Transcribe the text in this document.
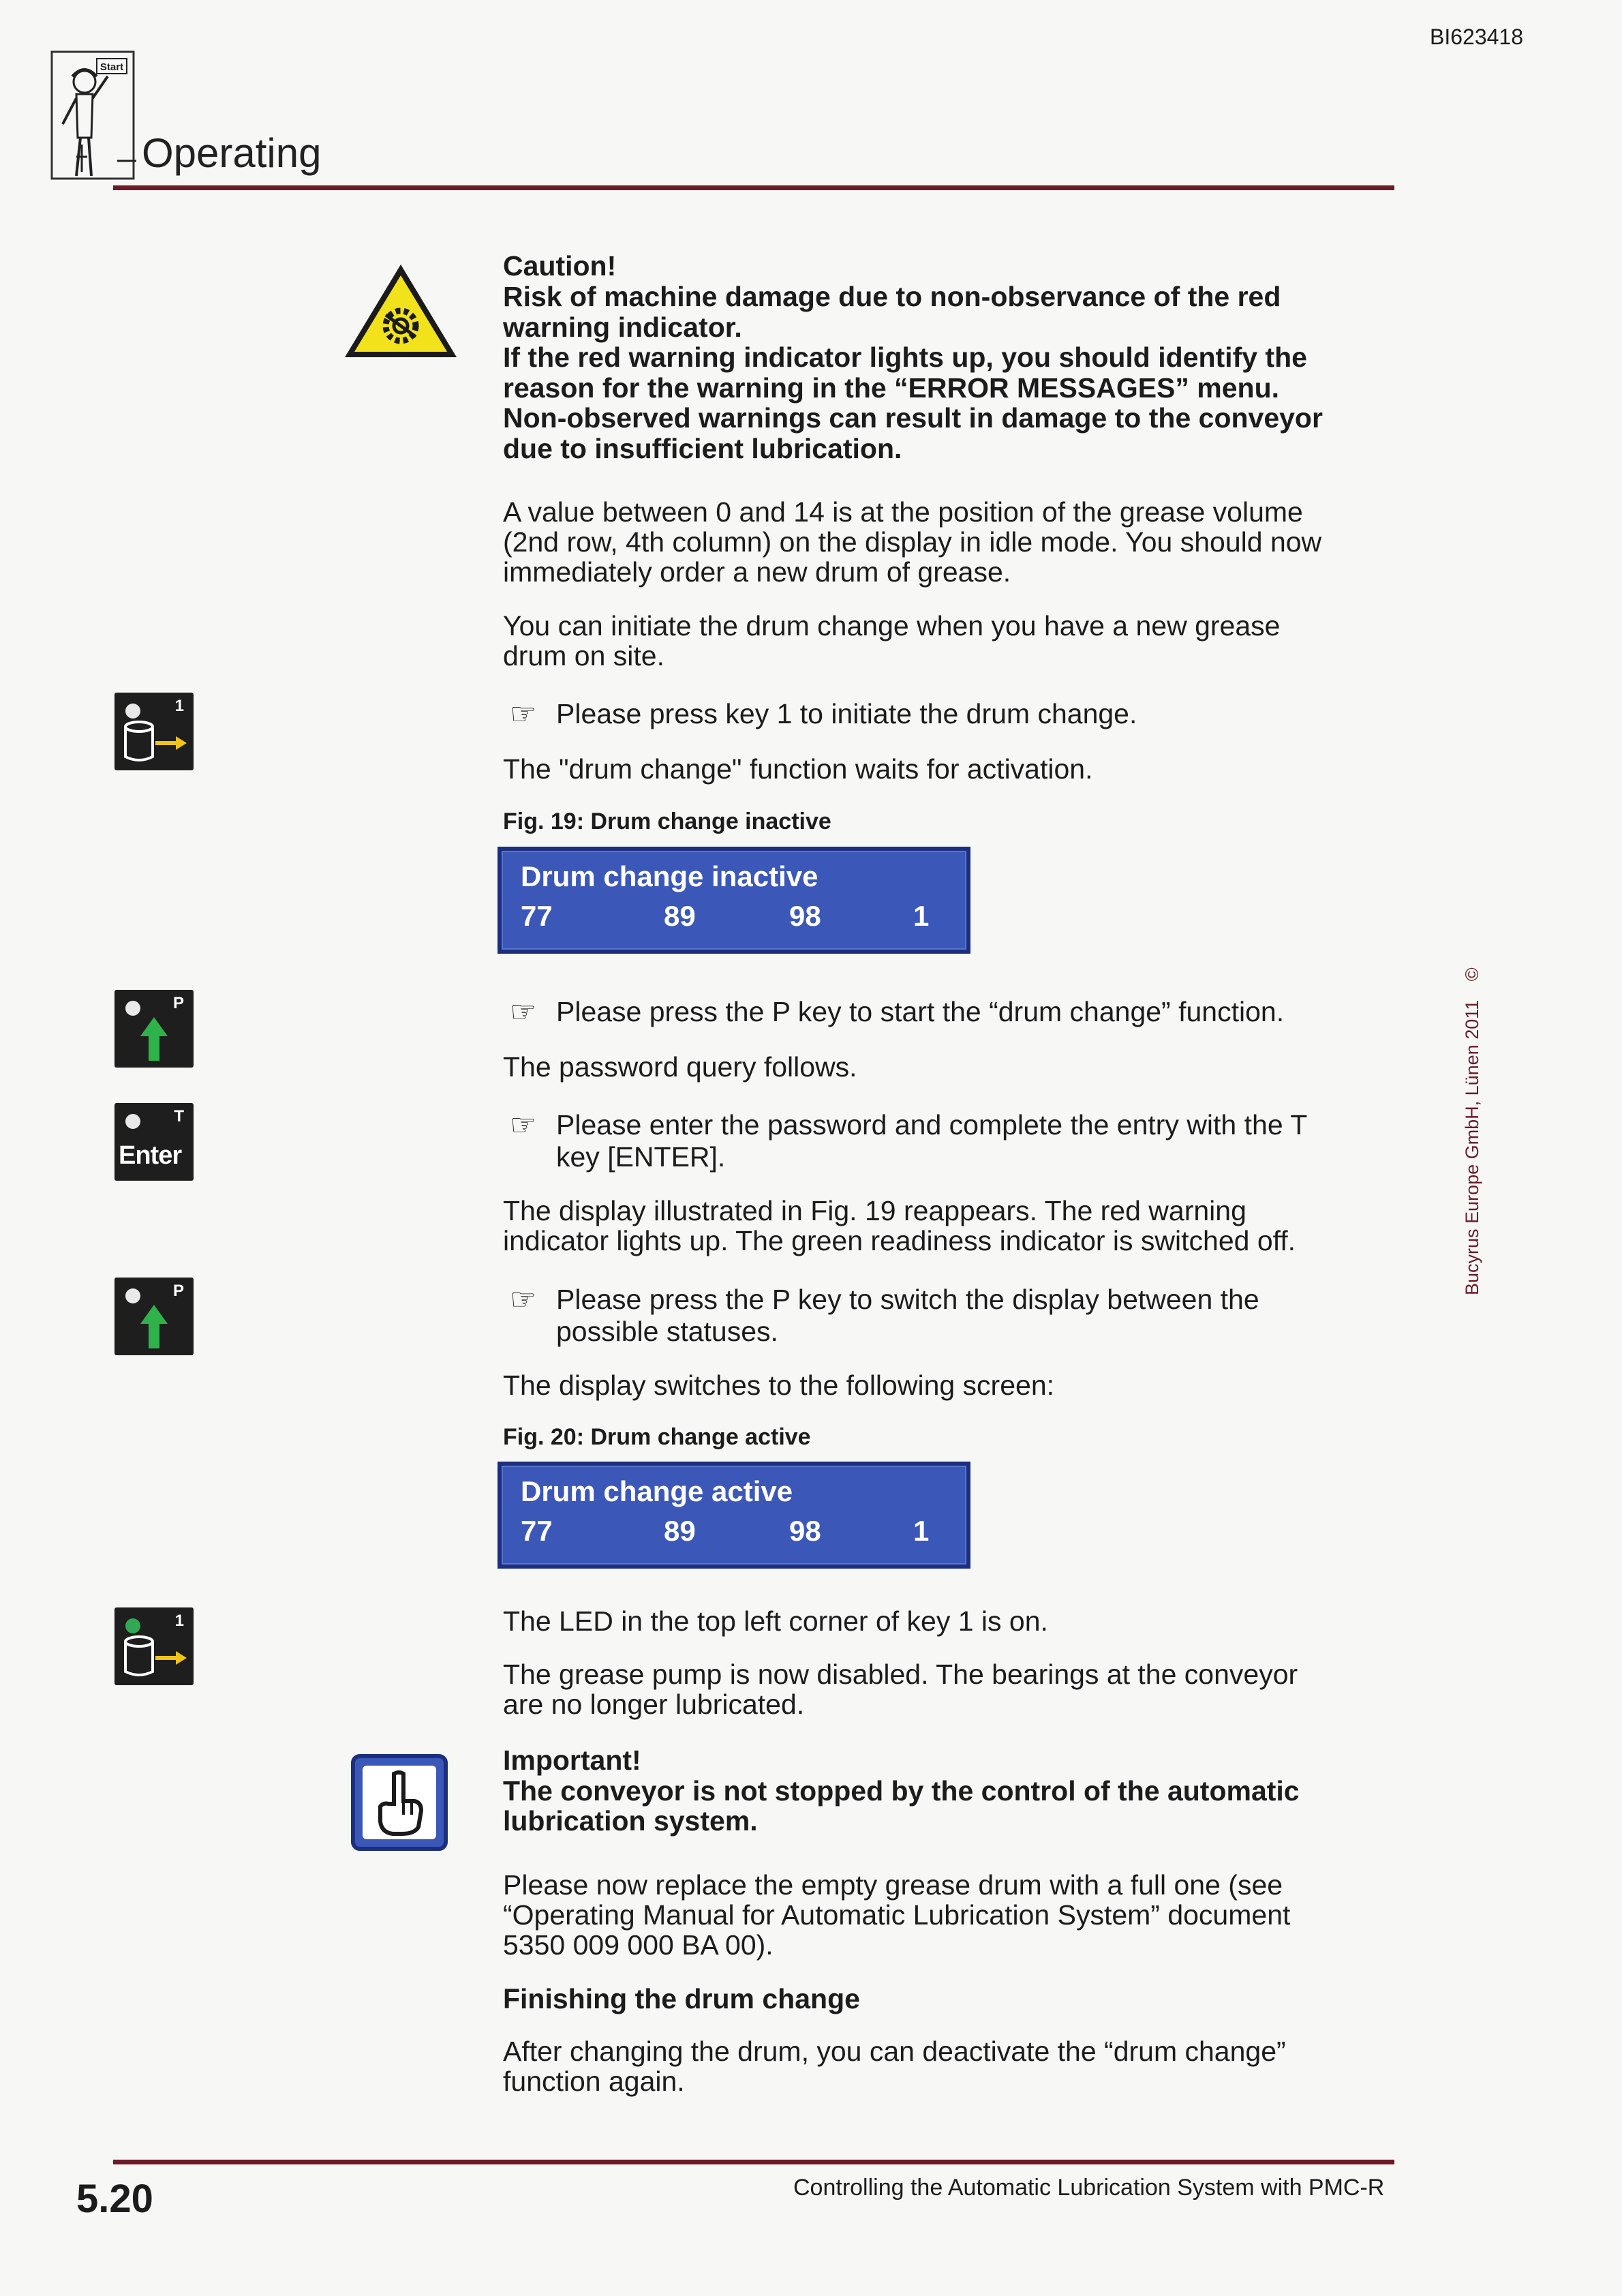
BI623418
Start
Operating
Caution!
Risk of machine damage due to non-observance of the red
warning indicator.
If the red warning indicator lights up, you should identify the
reason for the warning in the “ERROR MESSAGES” menu.
Non-observed warnings can result in damage to the conveyor
due to insufficient lubrication.
A value between 0 and 14 is at the position of the grease volume
(2nd row, 4th column) on the display in idle mode. You should now
immediately order a new drum of grease.
You can initiate the drum change when you have a new grease
drum on site.
1	☞ Please press key 1 to initiate the drum change.
The "drum change" function waits for activation.
Fig. 19: Drum change inactive
Drum change inactive
77	89	98	1
P	☞ Please press the P key to start the “drum change” function.
The password query follows.
T
Enter
☞ Please enter the password and complete the entry with the T
key [ENTER].
The display illustrated in Fig. 19 reappears. The red warning
indicator lights up. The green readiness indicator is switched off.
P	☞ Please press the P key to switch the display between the
possible statuses.
The display switches to the following screen:
Fig. 20: Drum change active
Drum change active
77	89	98	1
1	The LED in the top left corner of key 1 is on.
The grease pump is now disabled. The bearings at the conveyor
are no longer lubricated.
Important!
The conveyor is not stopped by the control of the automatic
lubrication system.
Please now replace the empty grease drum with a full one (see
“Operating Manual for Automatic Lubrication System” document
5350 009 000 BA 00).
Finishing the drum change
After changing the drum, you can deactivate the “drum change”
function again.
Bucyrus Europe GmbH, Lünen 2011 ©
5.20	Controlling the Automatic Lubrication System with PMC-R
